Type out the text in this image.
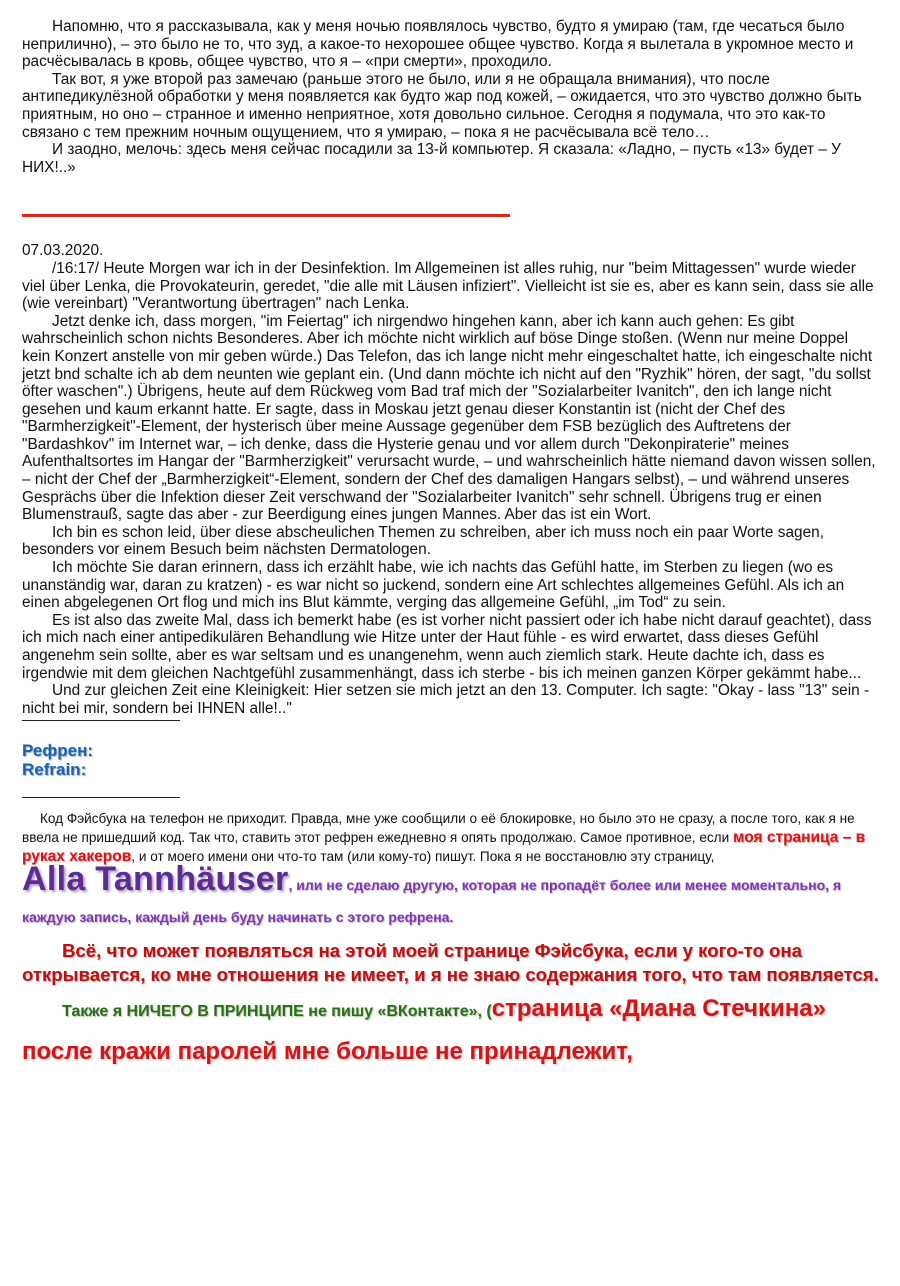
Напомню, что я рассказывала, как у меня ночью появлялось чувство, будто я умираю (там, где чесаться было неприлично), – это было не то, что зуд, а какое-то нехорошее общее чувство. Когда я вылетала в укромное место и расчёсывалась в кровь, общее чувство, что я – «при смерти», проходило.

Так вот, я уже второй раз замечаю (раньше этого не было, или я не обращала внимания), что после антипедикулёзной обработки у меня появляется как будто жар под кожей, – ожидается, что это чувство должно быть приятным, но оно – странное и именно неприятное, хотя довольно сильное. Сегодня я подумала, что это как-то связано с тем прежним ночным ощущением, что я умираю, – пока я не расчёсывала всё тело…

И заодно, мелочь: здесь меня сейчас посадили за 13-й компьютер. Я сказала: «Ладно, – пусть «13» будет – У НИХ!..»

07.03.2020.

/16:17/ Heute Morgen war ich in der Desinfektion. Im Allgemeinen ist alles ruhig, nur "beim Mittagessen" wurde wieder viel über Lenka, die Provokateurin, geredet, "die alle mit Läusen infiziert". Vielleicht ist sie es, aber es kann sein, dass sie alle (wie vereinbart) "Verantwortung übertragen" nach Lenka.

Jetzt denke ich, dass morgen, "im Feiertag" ich nirgendwo hingehen kann, aber ich kann auch gehen: Es gibt wahrscheinlich schon nichts Besonderes. Aber ich möchte nicht wirklich auf böse Dinge stoßen. (Wenn nur meine Doppel kein Konzert anstelle von mir geben würde.) Das Telefon, das ich lange nicht mehr eingeschaltet hatte, ich eingeschalte nicht jetzt bnd schalte ich ab dem neunten wie geplant ein. (Und dann möchte ich nicht auf den "Ryzhik" hören, der sagt, "du sollst öfter waschen".) Übrigens, heute auf dem Rückweg vom Bad traf mich der "Sozialarbeiter Ivanitch", den ich lange nicht gesehen und kaum erkannt hatte. Er sagte, dass in Moskau jetzt genau dieser Konstantin ist (nicht der Chef des "Barmherzigkeit"-Element, der hysterisch über meine Aussage gegenüber dem FSB bezüglich des Auftretens der "Bardashkov" im Internet war, – ich denke, dass die Hysterie genau und vor allem durch "Dekonpiraterie" meines Aufenthaltsortes im Hangar der "Barmherzigkeit" verursacht wurde, – und wahrscheinlich hätte niemand davon wissen sollen, – nicht der Chef der „Barmherzigkeit“-Element, sondern der Chef des damaligen Hangars selbst), – und während unseres Gesprächs über die Infektion dieser Zeit verschwand der "Sozialarbeiter Ivanitch" sehr schnell. Übrigens trug er einen Blumenstrauß, sagte das aber - zur Beerdigung eines jungen Mannes. Aber das ist ein Wort.

Ich bin es schon leid, über diese abscheulichen Themen zu schreiben, aber ich muss noch ein paar Worte sagen, besonders vor einem Besuch beim nächsten Dermatologen.

Ich möchte Sie daran erinnern, dass ich erzählt habe, wie ich nachts das Gefühl hatte, im Sterben zu liegen (wo es unanständig war, daran zu kratzen) - es war nicht so juckend, sondern eine Art schlechtes allgemeines Gefühl. Als ich an einen abgelegenen Ort flog und mich ins Blut kämmte, verging das allgemeine Gefühl, „im Tod“ zu sein.

Es ist also das zweite Mal, dass ich bemerkt habe (es ist vorher nicht passiert oder ich habe nicht darauf geachtet), dass ich mich nach einer antipedikulären Behandlung wie Hitze unter der Haut fühle - es wird erwartet, dass dieses Gefühl angenehm sein sollte, aber es war seltsam und es unangenehm, wenn auch ziemlich stark. Heute dachte ich, dass es irgendwie mit dem gleichen Nachtgefühl zusammenhängt, dass ich sterbe - bis ich meinen ganzen Körper gekämmt habe...

Und zur gleichen Zeit eine Kleinigkeit: Hier setzen sie mich jetzt an den 13. Computer. Ich sagte: "Okay - lass "13" sein - nicht bei mir, sondern bei IHNEN alle!.."

Рефрен:

Refrain:

Код Фэйсбука на телефон не приходит. Правда, мне уже сообщили о её блокировке, но было это не сразу, а после того, как я не ввела не пришедший код. Так что, ставить этот рефрен ежедневно я опять продолжаю. Самое противное, если моя страница – в руках хакеров, и от моего имени они что-то там (или кому-то) пишут. Пока я не восстановлю эту страницу,

Alla Tannhäuser, или не сделаю другую, которая не пропадёт более или менее моментально, я каждую запись, каждый день буду начинать с этого рефрена.

Всё, что может появляться на этой моей странице Фэйсбука, если у кого-то она открывается, ко мне отношения не имеет, и я не знаю содержания того, что там появляется.

Также я НИЧЕГО В ПРИНЦИПЕ не пишу «ВКонтакте», (страница «Диана Стечкина» после кражи паролей мне больше не принадлежит,
